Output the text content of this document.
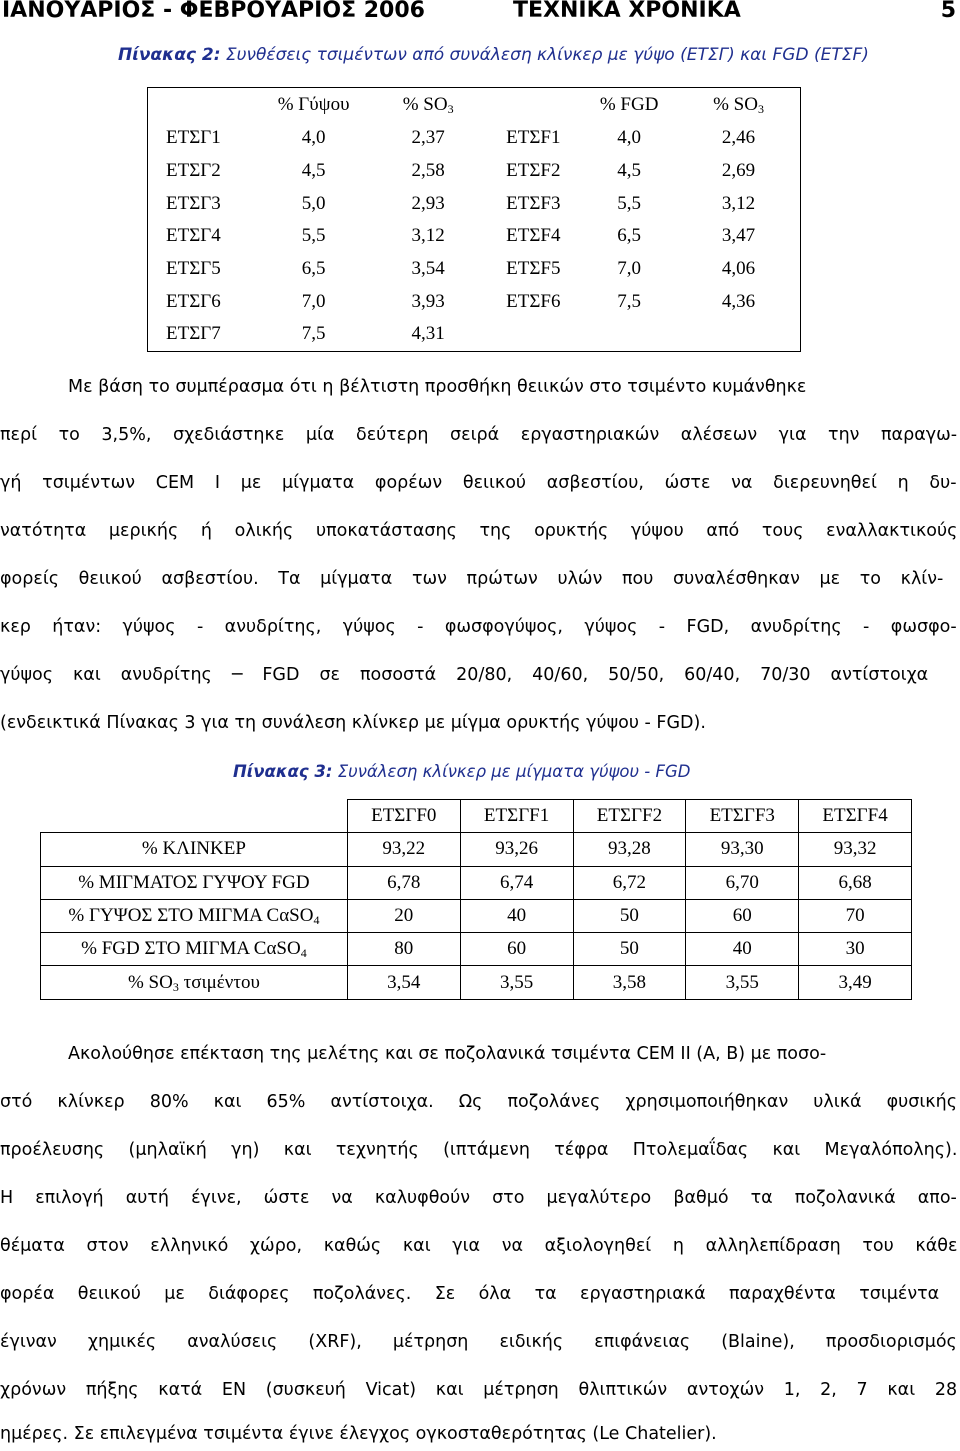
ΙΑΝΟΥΑΡΙΟΣ - ΦΕΒΡΟΥΑΡΙΟΣ 2006	ΤΕΧΝΙΚΑ ΧΡΟΝΙΚΑ	5
Πίνακας 2: Συνθέσεις τσιμέντων από συνάλεση κλίνκερ με γύψο (ΕΤΣΓ) και FGD (ΕΤΣF)
	% Γύψου	% $SO_3$		% FGD	% $SO_3$
ΕΤΣΓ1	4,0	2,37	ΕΤΣF1	4,0	2,46
ΕΤΣΓ2	4,5	2,58	ΕΤΣF2	4,5	2,69
ΕΤΣΓ3	5,0	2,93	ΕΤΣF3	5,5	3,12
ΕΤΣΓ4	5,5	3,12	ΕΤΣF4	6,5	3,47
ΕΤΣΓ5	6,5	3,54	ΕΤΣF5	7,0	4,06
ΕΤΣΓ6	7,0	3,93	ΕΤΣF6	7,5	4,36
ΕΤΣΓ7	7,5	4,31			
Με βάση το συμπέρασμα ότι η βέλτιστη προσθήκη θειικών στο τσιμέντο κυμάνθηκε
περί το 3,5%, σχεδιάστηκε μία δεύτερη σειρά εργαστηριακών αλέσεων για την παραγω-
γή τσιμέντων CEM I με μίγματα φορέων θειικού ασβεστίου, ώστε να διερευνηθεί η δυ-
νατότητα μερικής ή ολικής υποκατάστασης της ορυκτής γύψου από τους εναλλακτικούς
φορείς θειικού ασβεστίου. Τα μίγματα των πρώτων υλών που συναλέσθηκαν με το κλίν-
κερ ήταν: γύψος - ανυδρίτης, γύψος - φωσφογύψος, γύψος - FGD, ανυδρίτης - φωσφο-
γύψος και ανυδρίτης ─ FGD σε ποσοστά 20/80, 40/60, 50/50, 60/40, 70/30 αντίστοιχα
(ενδεικτικά Πίνακας 3 για τη συνάλεση κλίνκερ με μίγμα ορυκτής γύψου - FGD).
Πίνακας 3: Συνάλεση κλίνκερ με μίγματα γύψου - FGD
	ΕΤΣΓF0	ΕΤΣΓF1	ΕΤΣΓF2	ΕΤΣΓF3	ΕΤΣΓF4
% ΚΛΙΝΚΕΡ	93,22	93,26	93,28	93,30	93,32
% ΜΙΓΜΑΤΟΣ ΓΥΨΟΥ FGD	6,78	6,74	6,72	6,70	6,68
% ΓΥΨΟΣ ΣΤΟ ΜΙΓΜΑ CαSO$_4$	20	40	50	60	70
% FGD ΣΤΟ ΜΙΓΜΑ CαSO$_4$	80	60	50	40	30
% $SO_3$ τσιμέντου	3,54	3,55	3,58	3,55	3,49
Ακολούθησε επέκταση της μελέτης και σε ποζολανικά τσιμέντα CEM II (A, B) με ποσο-
στό κλίνκερ 80% και 65% αντίστοιχα. Ως ποζολάνες χρησιμοποιήθηκαν υλικά φυσικής
προέλευσης (μηλαϊκή γη) και τεχνητής (ιπτάμενη τέφρα Πτολεμαΐδας και Μεγαλόπολης).
Η επιλογή αυτή έγινε, ώστε να καλυφθούν στο μεγαλύτερο βαθμό τα ποζολανικά απο-
θέματα στον ελληνικό χώρο, καθώς και για να αξιολογηθεί η αλληλεπίδραση του κάθε
φορέα θειικού με διάφορες ποζολάνες. Σε όλα τα εργαστηριακά παραχθέντα τσιμέντα
έγιναν χημικές αναλύσεις (XRF), μέτρηση ειδικής επιφάνειας (Blaine), προσδιορισμός
χρόνων πήξης κατά EN (συσκευή Vicat) και μέτρηση θλιπτικών αντοχών 1, 2, 7 και 28
ημέρες. Σε επιλεγμένα τσιμέντα έγινε έλεγχος ογκοσταθερότητας (Le Chatelier).
